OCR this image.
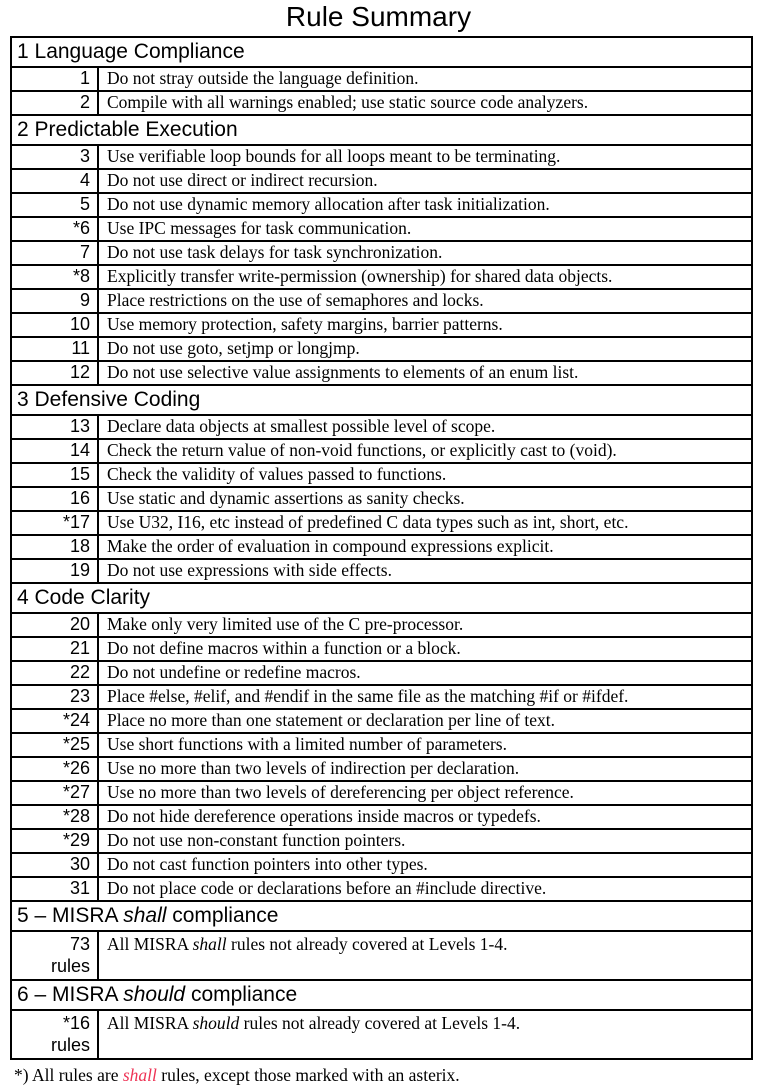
Rule Summary
1 Language Compliance	

1	Do not stray outside the language definition.

2	Compile with all warnings enabled; use static source code analyzers.
2 Predictable Execution	

3	Use verifiable loop bounds for all loops meant to be terminating.

4	Do not use direct or indirect recursion.

5	Do not use dynamic memory allocation after task initialization.

*6	Use IPC messages for task communication.

7	Do not use task delays for task synchronization.

*8	Explicitly transfer write-permission (ownership) for shared data objects.

9	Place restrictions on the use of semaphores and locks.

10	Use memory protection, safety margins, barrier patterns.

11	Do not use goto, setjmp or longjmp.

12	Do not use selective value assignments to elements of an enum list.
3 Defensive Coding	

13	Declare data objects at smallest possible level of scope.

14	Check the return value of non-void functions, or explicitly cast to (void).

15	Check the validity of values passed to functions.

16	Use static and dynamic assertions as sanity checks.

*17	Use U32, I16, etc instead of predefined C data types such as int, short, etc.

18	Make the order of evaluation in compound expressions explicit.

19	Do not use expressions with side effects.
4 Code Clarity	

20	Make only very limited use of the C pre-processor.

21	Do not define macros within a function or a block.

22	Do not undefine or redefine macros.

23	Place #else, #elif, and #endif in the same file as the matching #if or #ifdef.

*24	Place no more than one statement or declaration per line of text.

*25	Use short functions with a limited number of parameters.

*26	Use no more than two levels of indirection per declaration.

*27	Use no more than two levels of dereferencing per object reference.

*28	Do not hide dereference operations inside macros or typedefs.

*29	Do not use non-constant function pointers.

30	Do not cast function pointers into other types.

31	Do not place code or declarations before an #include directive.
5 – MISRA shall compliance	

73
rules	All MISRA shall rules not already covered at Levels 1-4.
6 – MISRA should compliance	

*16
rules	All MISRA should rules not already covered at Levels 1-4.
*) All rules are shall rules, except those marked with an asterix.
